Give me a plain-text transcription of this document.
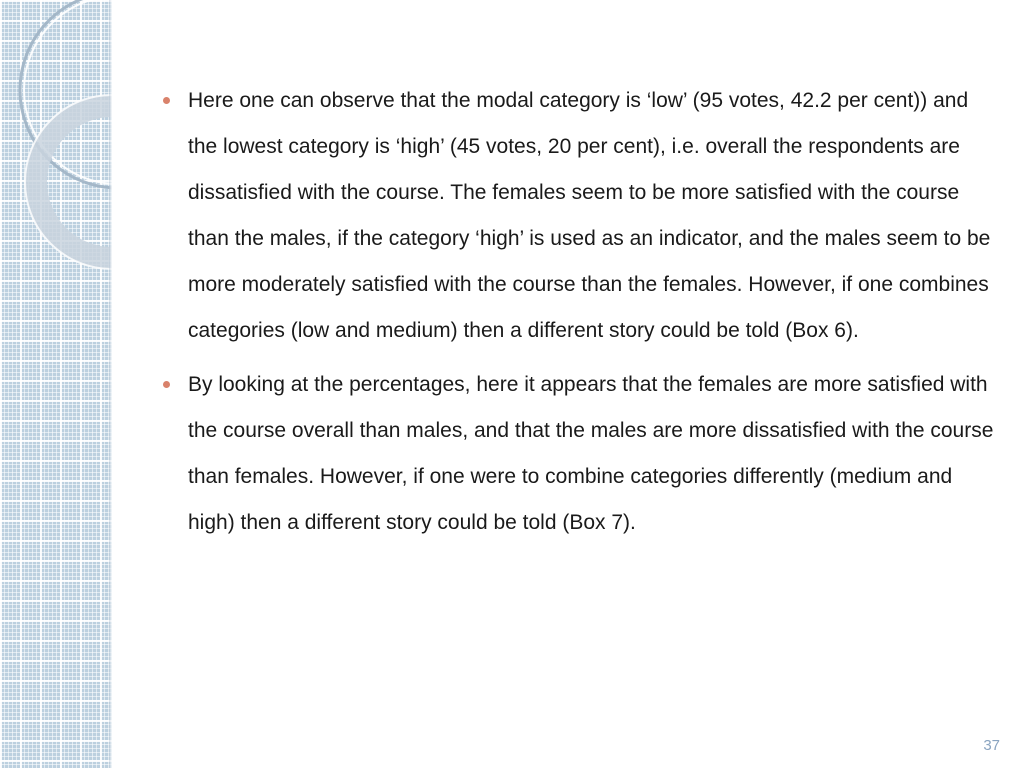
Here one can observe that the modal category is ‘low’ (95 votes, 42.2 per cent)) and the lowest category is ‘high’ (45 votes, 20 per cent), i.e. overall the respondents are dissatisfied with the course. The females seem to be more satisfied with the course than the males, if the category ‘high’ is used as an indicator, and the males seem to be more moderately satisfied with the course than the females. However, if one combines categories (low and medium) then a different story could be told (Box 6).
By looking at the percentages, here it appears that the females are more satisfied with the course overall than males, and that the males are more dissatisfied with the course than females. However, if one were to combine categories differently (medium and high) then a different story could be told (Box 7).
37
